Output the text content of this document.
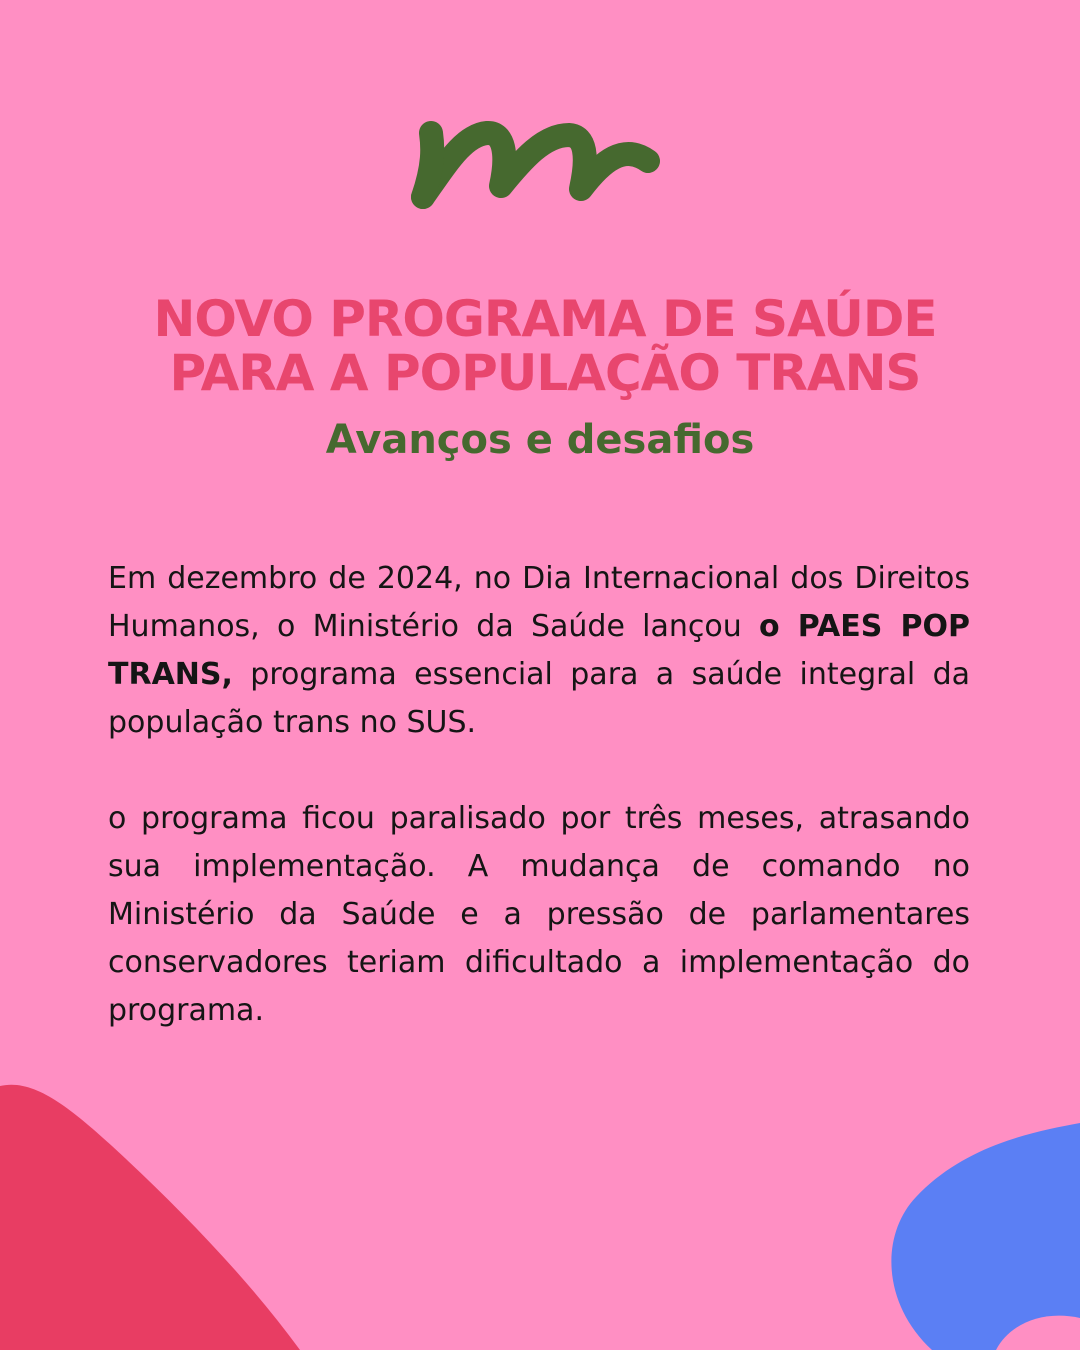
NOVO PROGRAMA DE SAÚDE
PARA A POPULAÇÃO TRANS
Avanços e desafios

Em dezembro de 2024, no Dia Internacional dos Direitos Humanos, o Ministério da Saúde lançou o PAES POP TRANS, programa essencial para a saúde integral da população trans no SUS.

o programa ficou paralisado por três meses, atrasando sua implementação. A mudança de comando no Ministério da Saúde e a pressão de parlamentares conservadores teriam dificultado a implementação do programa.
